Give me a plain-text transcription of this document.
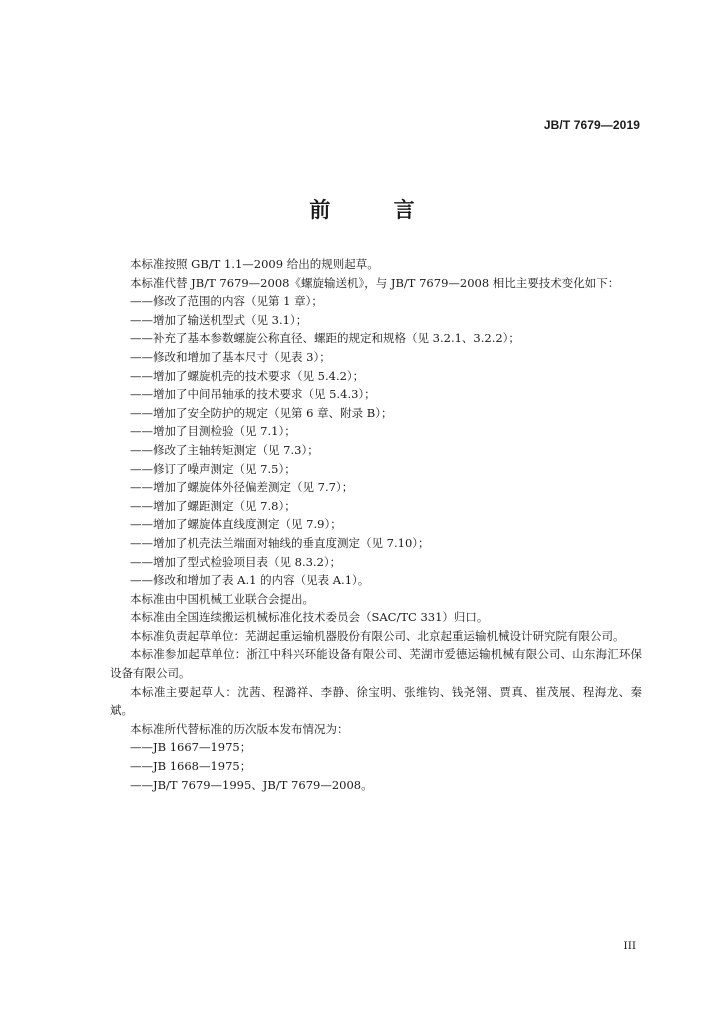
JB/T 7679—2019
前 言

本标准按照 GB/T 1.1—2009 给出的规则起草。

本标准代替 JB/T 7679—2008《螺旋输送机》，与 JB/T 7679—2008 相比主要技术变化如下：

——修改了范围的内容（见第 1 章）；

——增加了输送机型式（见 3.1）；

——补充了基本参数螺旋公称直径、螺距的规定和规格（见 3.2.1、3.2.2）；

——修改和增加了基本尺寸（见表 3）；

——增加了螺旋机壳的技术要求（见 5.4.2）；

——增加了中间吊轴承的技术要求（见 5.4.3）；

——增加了安全防护的规定（见第 6 章、附录 B）；

——增加了目测检验（见 7.1）；

——修改了主轴转矩测定（见 7.3）；

——修订了噪声测定（见 7.5）；

——增加了螺旋体外径偏差测定（见 7.7）；

——增加了螺距测定（见 7.8）；

——增加了螺旋体直线度测定（见 7.9）；

——增加了机壳法兰端面对轴线的垂直度测定（见 7.10）；

——增加了型式检验项目表（见 8.3.2）；

——修改和增加了表 A.1 的内容（见表 A.1）。

本标准由中国机械工业联合会提出。

本标准由全国连续搬运机械标准化技术委员会（SAC/TC 331）归口。

本标准负责起草单位：芜湖起重运输机器股份有限公司、北京起重运输机械设计研究院有限公司。

本标准参加起草单位：浙江中科兴环能设备有限公司、芜湖市爱德运输机械有限公司、山东海汇环保设备有限公司。

本标准主要起草人：沈茜、程潞祥、李静、徐宝明、张维钧、钱尧翎、贾真、崔茂展、程海龙、秦斌。

本标准所代替标准的历次版本发布情况为：

——JB 1667—1975；

——JB 1668—1975；

——JB/T 7679—1995、JB/T 7679—2008。

III
